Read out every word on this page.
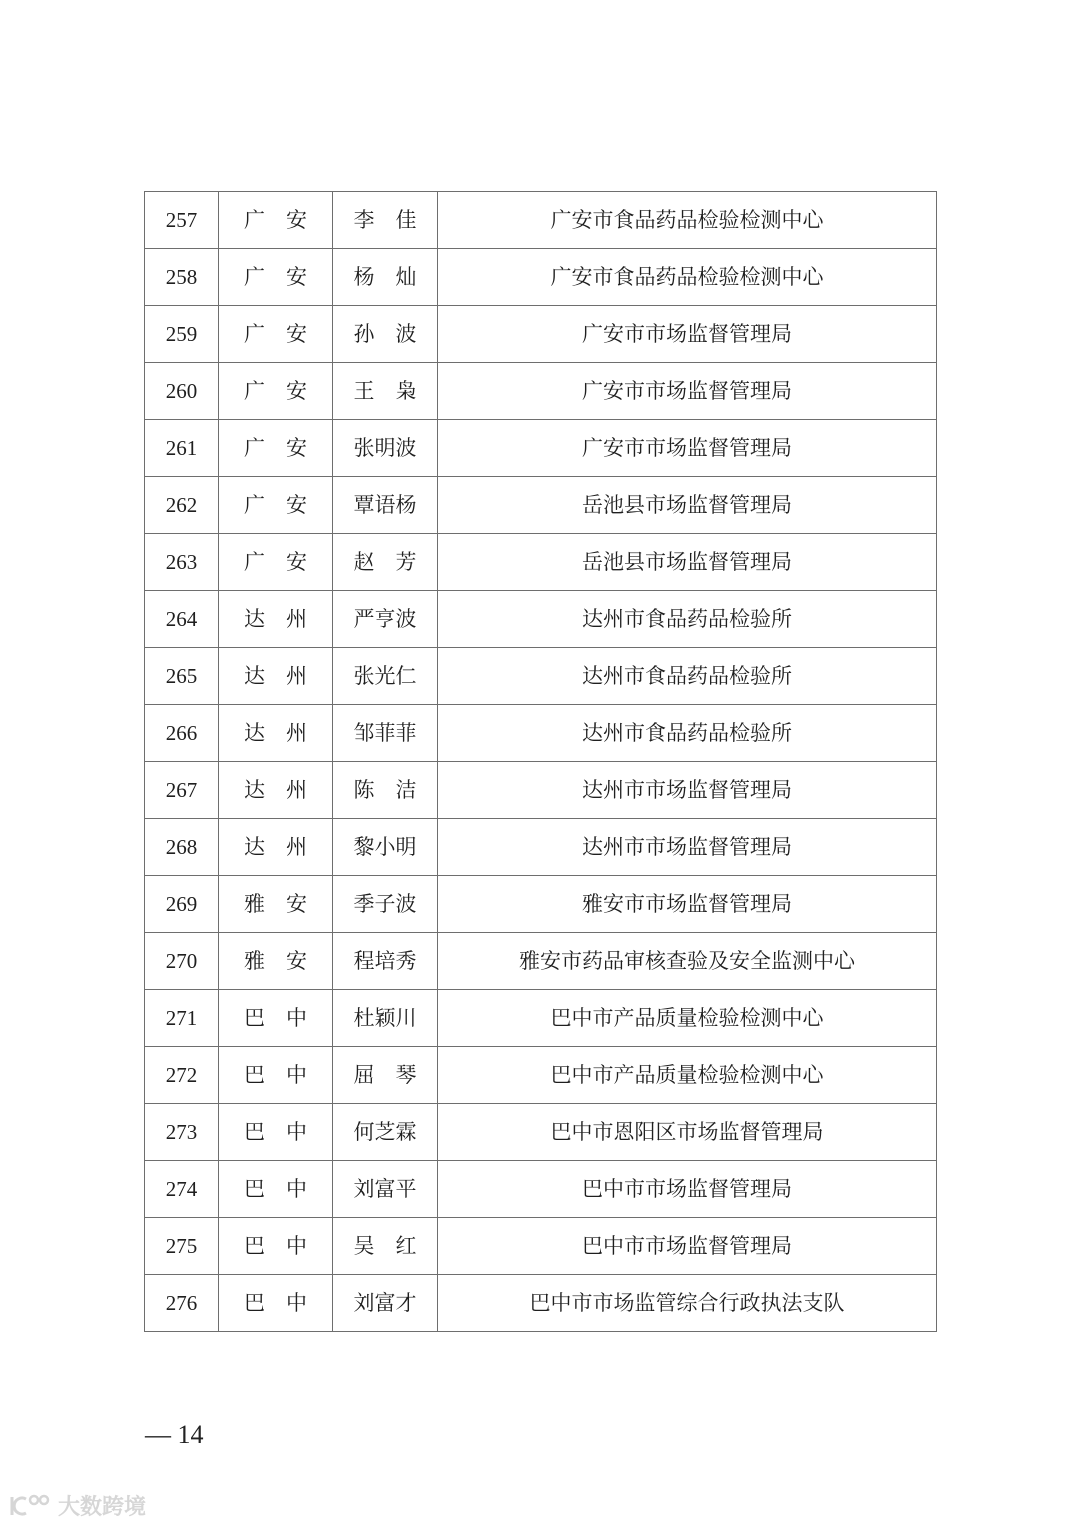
257	广　安	李　佳	广安市食品药品检验检测中心
258	广　安	杨　灿	广安市食品药品检验检测中心
259	广　安	孙　波	广安市市场监督管理局
260	广　安	王　枭	广安市市场监督管理局
261	广　安	张明波	广安市市场监督管理局
262	广　安	覃语杨	岳池县市场监督管理局
263	广　安	赵　芳	岳池县市场监督管理局
264	达　州	严亨波	达州市食品药品检验所
265	达　州	张光仁	达州市食品药品检验所
266	达　州	邹菲菲	达州市食品药品检验所
267	达　州	陈　洁	达州市市场监督管理局
268	达　州	黎小明	达州市市场监督管理局
269	雅　安	季子波	雅安市市场监督管理局
270	雅　安	程培秀	雅安市药品审核查验及安全监测中心
271	巴　中	杜颖川	巴中市产品质量检验检测中心
272	巴　中	屈　琴	巴中市产品质量检验检测中心
273	巴　中	何芝霖	巴中市恩阳区市场监督管理局
274	巴　中	刘富平	巴中市市场监督管理局
275	巴　中	吴　红	巴中市市场监督管理局
276	巴　中	刘富才	巴中市市场监管综合行政执法支队
— 14
大数跨境
